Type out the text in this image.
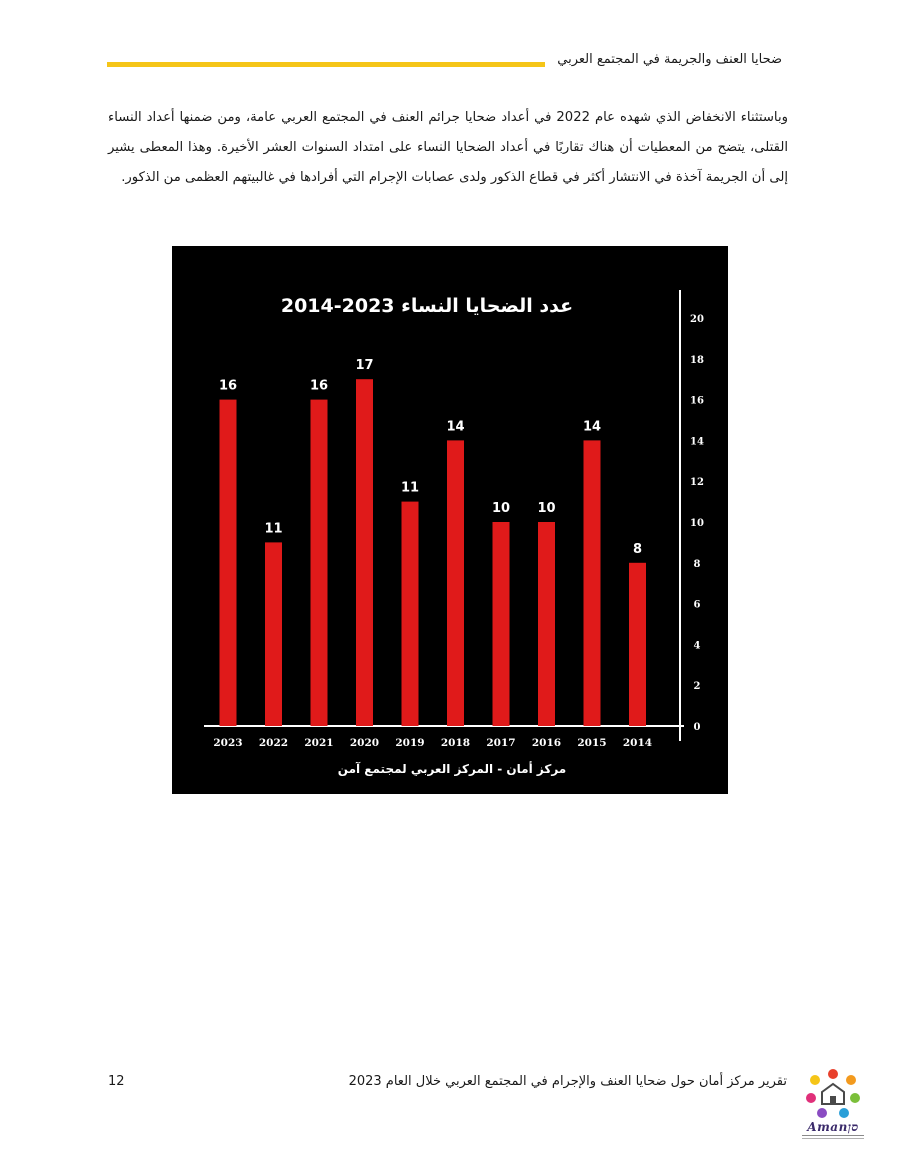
ضحايا العنف والجريمة في المجتمع العربي

وباستثناء الانخفاض الذي شهده عام 2022 في أعداد ضحايا جرائم العنف في المجتمع العربي عامة، ومن ضمنها أعداد النساء القتلى، يتضح من المعطيات أن هناك تقاربًا في أعداد الضحايا النساء على امتداد السنوات العشر الأخيرة. وهذا المعطى يشير إلى أن الجريمة آخذة في الانتشار أكثر في قطاع الذكور ولدى عصابات الإجرام التي أفرادها في غالبيتهم العظمى من الذكور.

عدد الضحايا النساء 2023-2014
16
2023
11
2022
16
2021
17
2020
11
2019
14
2018
10
2017
10
2016
14
2015
8
2014
0
2
4
6
8
10
12
14
16
18
20
مركز أمان - المركز العربي لمجتمع آمن
تقرير مركز أمان حول ضحايا العنف والإجرام في المجتمع العربي خلال العام 2023
12
Amanסן
